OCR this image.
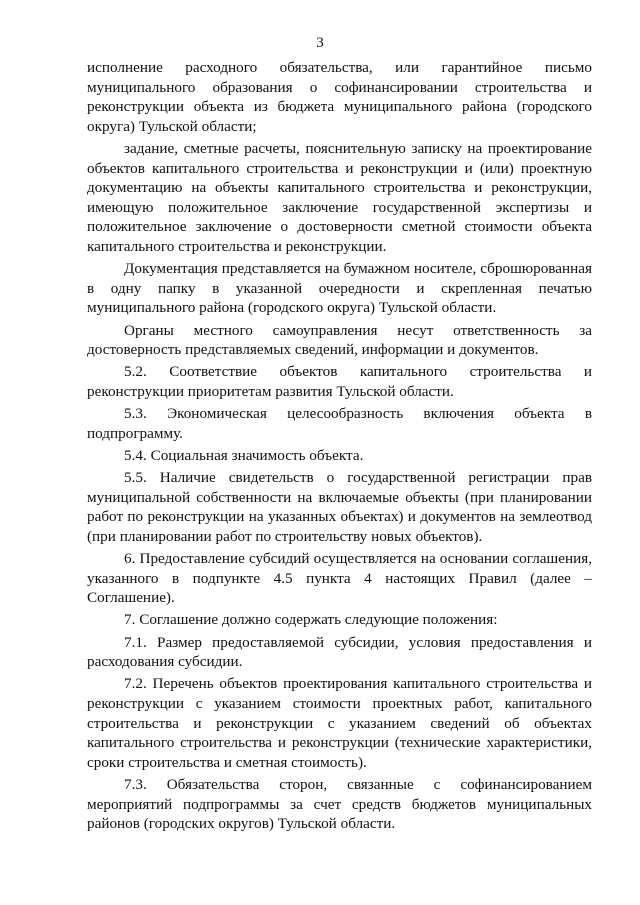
3
исполнение расходного обязательства, или гарантийное письмо
муниципального образования о софинансировании строительства и
реконструкции объекта из бюджета муниципального района (городского
округа) Тульской области;
задание, сметные расчеты, пояснительную записку на проектирование
объектов капитального строительства и реконструкции и (или) проектную
документацию на объекты капитального строительства и реконструкции,
имеющую положительное заключение государственной экспертизы и
положительное заключение о достоверности сметной стоимости объекта
капитального строительства и реконструкции.
Документация представляется на бумажном носителе, сброшюрованная
в одну папку в указанной очередности и скрепленная печатью
муниципального района (городского округа) Тульской области.
Органы местного самоуправления несут ответственность за
достоверность представляемых сведений, информации и документов.
5.2. Соответствие объектов капитального строительства и
реконструкции приоритетам развития Тульской области.
5.3. Экономическая целесообразность включения объекта в
подпрограмму.
5.4. Социальная значимость объекта.
5.5. Наличие свидетельств о государственной регистрации прав
муниципальной собственности на включаемые объекты (при планировании
работ по реконструкции на указанных объектах) и документов на землеотвод
(при планировании работ по строительству новых объектов).
6. Предоставление субсидий осуществляется на основании соглашения,
указанного в подпункте 4.5 пункта 4 настоящих Правил (далее –
Соглашение).
7. Соглашение должно содержать следующие положения:
7.1. Размер предоставляемой субсидии, условия предоставления и
расходования субсидии.
7.2. Перечень объектов проектирования капитального строительства и
реконструкции с указанием стоимости проектных работ, капитального
строительства и реконструкции с указанием сведений об объектах
капитального строительства и реконструкции (технические характеристики,
сроки строительства и сметная стоимость).
7.3. Обязательства сторон, связанные с софинансированием
мероприятий подпрограммы за счет средств бюджетов муниципальных
районов (городских округов) Тульской области.
